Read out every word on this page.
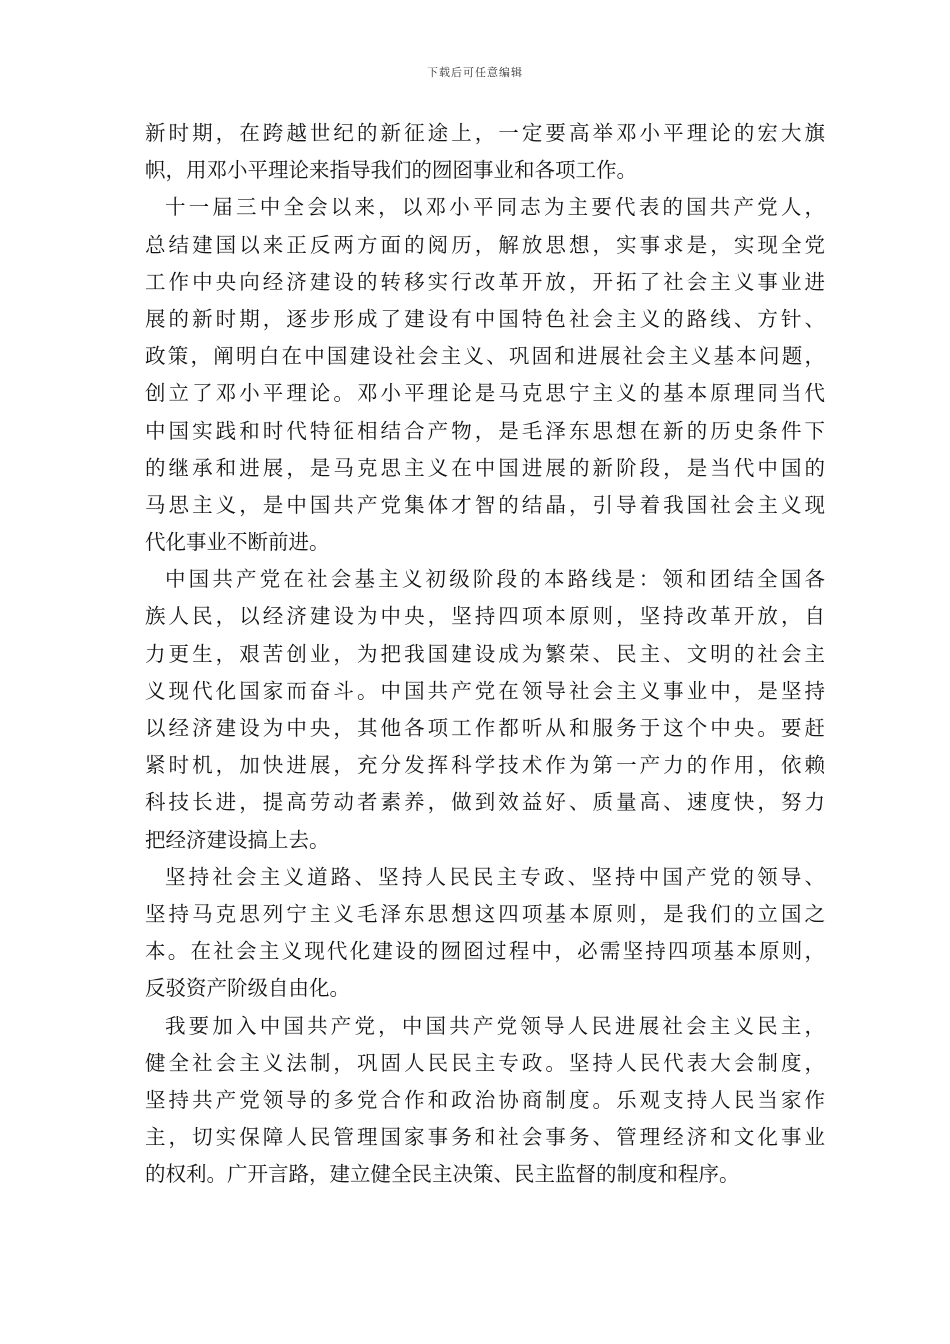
下载后可任意编辑
新时期，在跨越世纪的新征途上，一定要高举邓小平理论的宏大旗
帜，用邓小平理论来指导我们的囫囵事业和各项工作。
十一届三中全会以来，以邓小平同志为主要代表的国共产党人，
总结建国以来正反两方面的阅历，解放思想，实事求是，实现全党
工作中央向经济建设的转移实行改革开放，开拓了社会主义事业进
展的新时期，逐步形成了建设有中国特色社会主义的路线、方针、
政策，阐明白在中国建设社会主义、巩固和进展社会主义基本问题，
创立了邓小平理论。邓小平理论是马克思宁主义的基本原理同当代
中国实践和时代特征相结合产物，是毛泽东思想在新的历史条件下
的继承和进展，是马克思主义在中国进展的新阶段，是当代中国的
马思主义，是中国共产党集体才智的结晶，引导着我国社会主义现
代化事业不断前进。
中国共产党在社会基主义初级阶段的本路线是：领和团结全国各
族人民，以经济建设为中央，坚持四项本原则，坚持改革开放，自
力更生，艰苦创业，为把我国建设成为繁荣、民主、文明的社会主
义现代化国家而奋斗。中国共产党在领导社会主义事业中，是坚持
以经济建设为中央，其他各项工作都听从和服务于这个中央。要赶
紧时机，加快进展，充分发挥科学技术作为第一产力的作用，依赖
科技长进，提高劳动者素养，做到效益好、质量高、速度快，努力
把经济建设搞上去。
坚持社会主义道路、坚持人民民主专政、坚持中国产党的领导、
坚持马克思列宁主义毛泽东思想这四项基本原则，是我们的立国之
本。在社会主义现代化建设的囫囵过程中，必需坚持四项基本原则，
反驳资产阶级自由化。
我要加入中国共产党，中国共产党领导人民进展社会主义民主，
健全社会主义法制，巩固人民民主专政。坚持人民代表大会制度，
坚持共产党领导的多党合作和政治协商制度。乐观支持人民当家作
主，切实保障人民管理国家事务和社会事务、管理经济和文化事业
的权利。广开言路，建立健全民主决策、民主监督的制度和程序。
